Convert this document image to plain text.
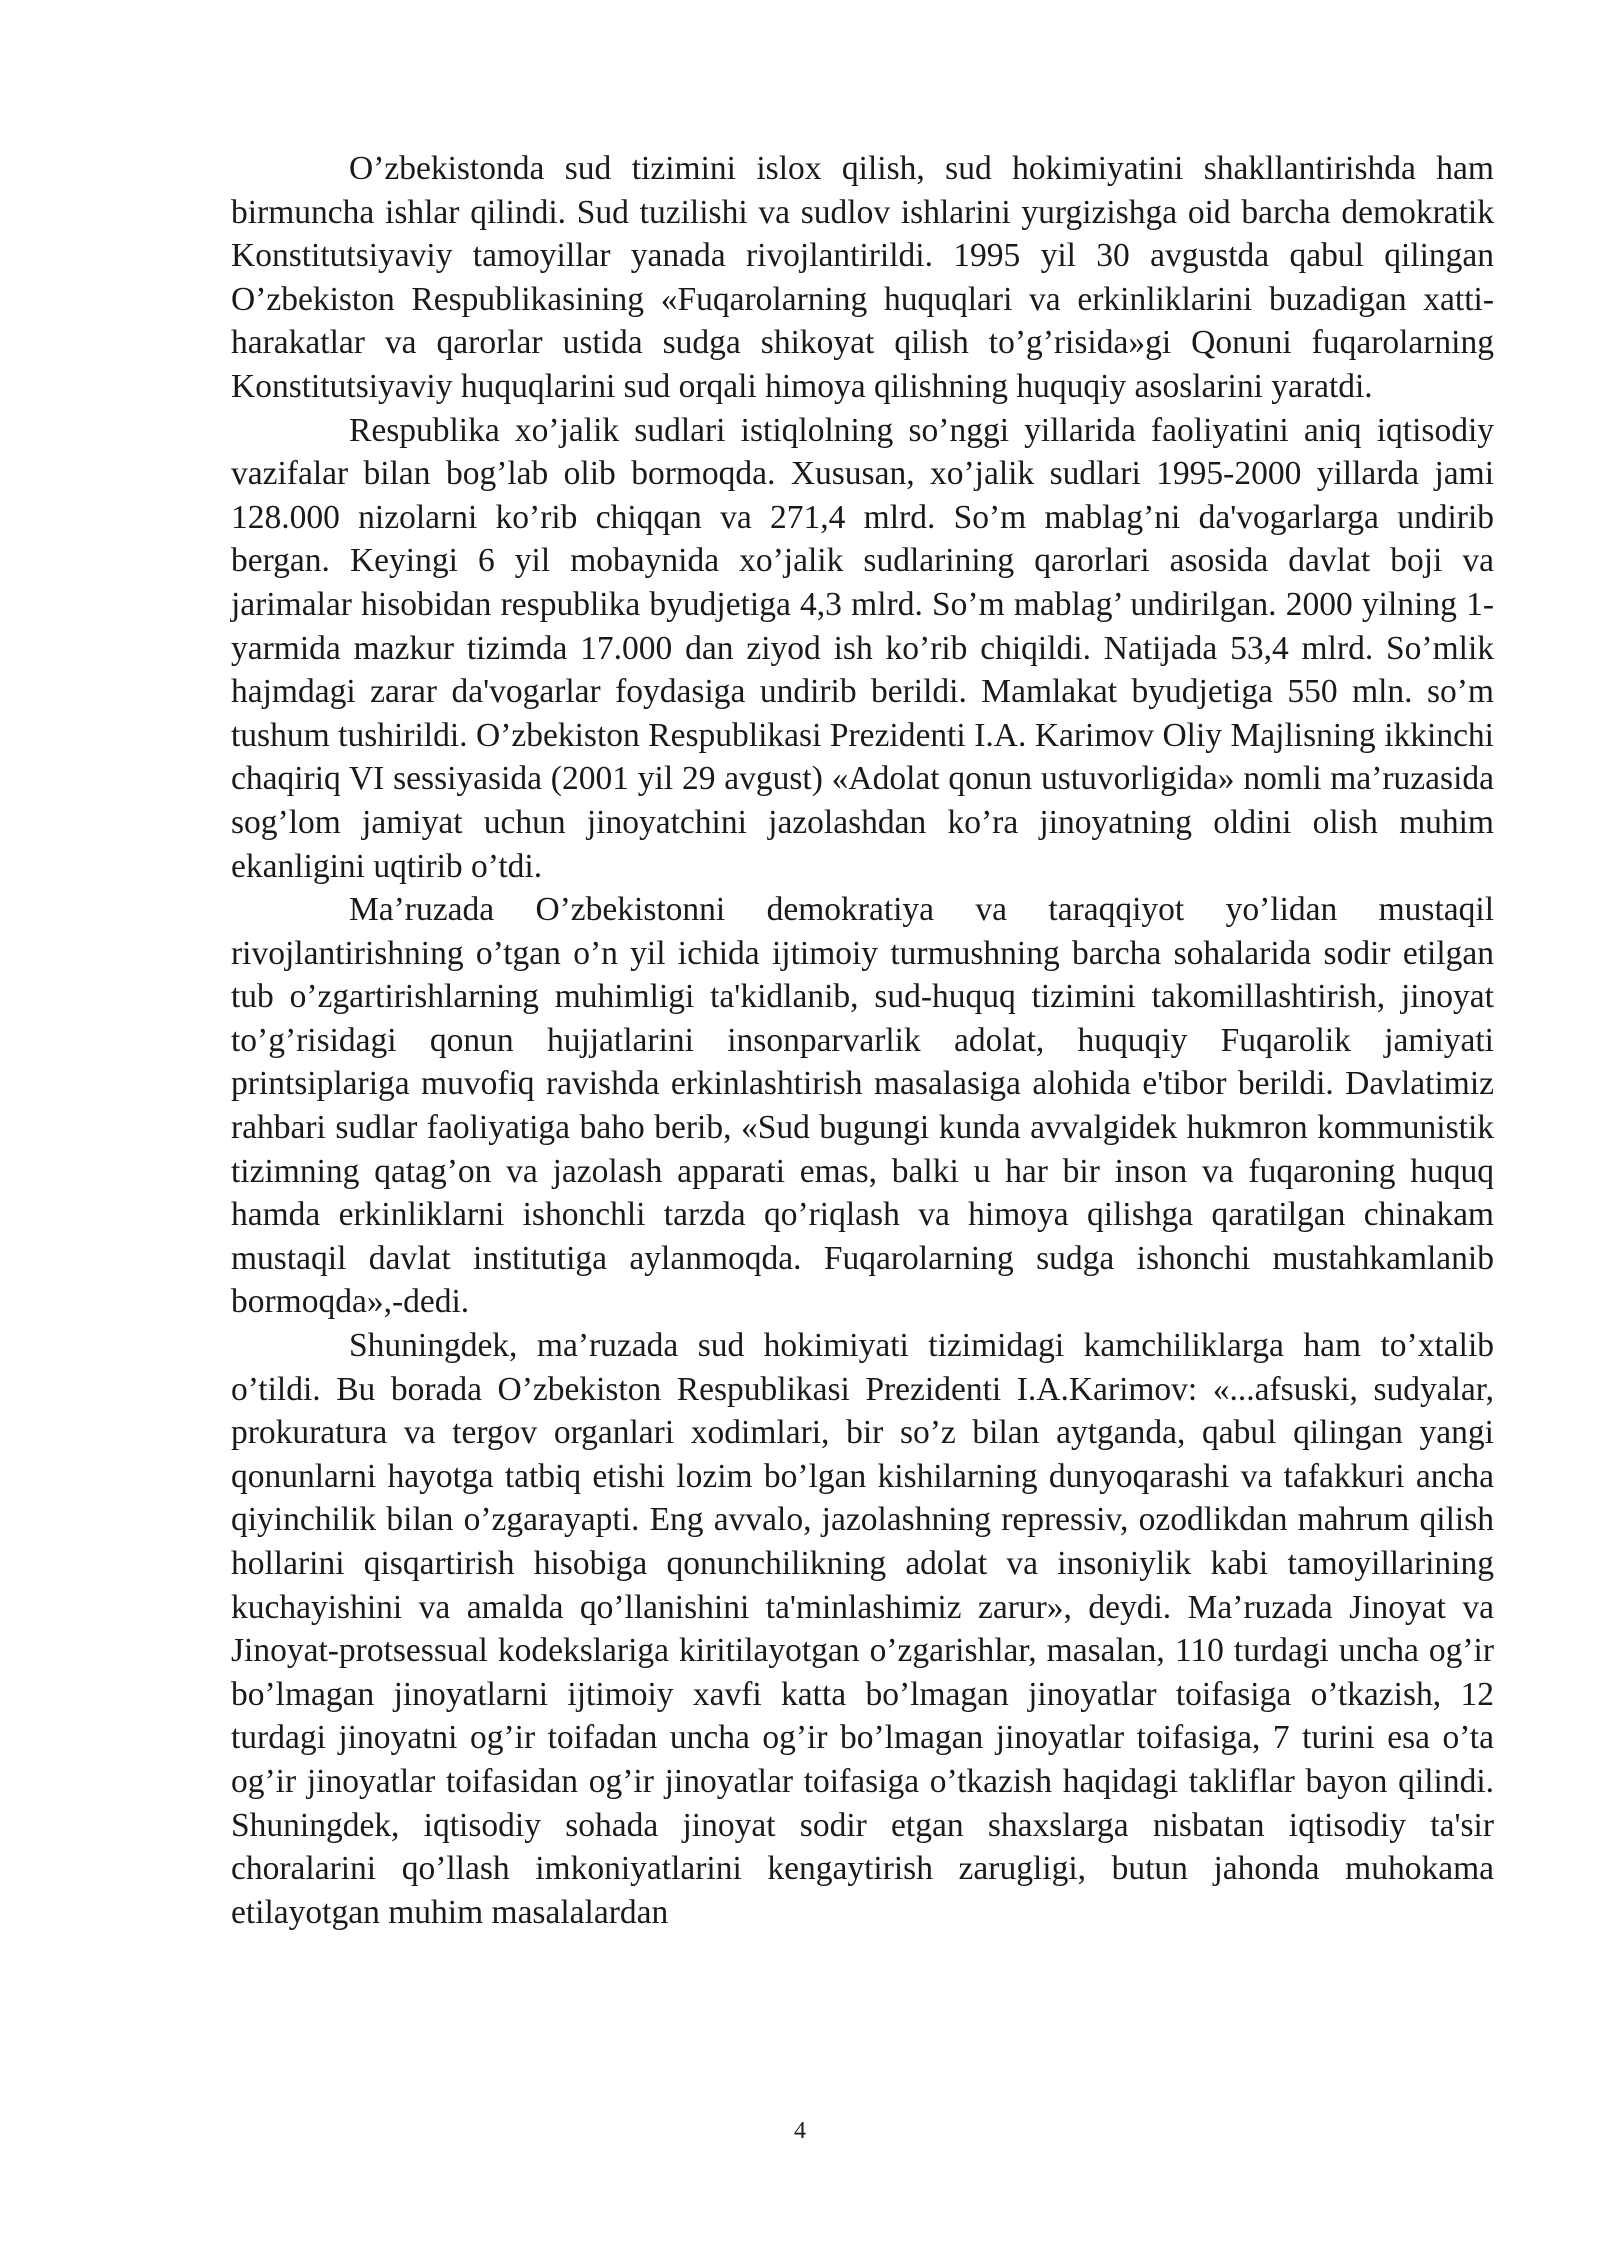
O’zbekistonda sud tizimini islox qilish, sud hokimiyatini shakllantirishda ham birmuncha ishlar qilindi. Sud tuzilishi va sudlov ishlarini yurgizishga oid barcha demokratik Konstitutsiyaviy tamoyillar yanada rivojlantirildi. 1995 yil 30 avgustda qabul qilingan O’zbekiston Respublikasining «Fuqarolarning huquqlari va erkinliklarini buzadigan xatti-harakatlar va qarorlar ustida sudga shikoyat qilish to’g’risida»gi Qonuni fuqarolarning Konstitutsiyaviy huquqlarini sud orqali himoya qilishning huquqiy asoslarini yaratdi.

Respublika xo’jalik sudlari istiqlolning so’nggi yillarida faoliyatini aniq iqtisodiy vazifalar bilan bog’lab olib bormoqda. Xususan, xo’jalik sudlari 1995-2000 yillarda jami 128.000 nizolarni ko’rib chiqqan va 271,4 mlrd. So’m mablag’ni da'vogarlarga undirib bergan. Keyingi 6 yil mobaynida xo’jalik sudlarining qarorlari asosida davlat boji va jarimalar hisobidan respublika byudjetiga 4,3 mlrd. So’m mablag’ undirilgan. 2000 yilning 1-yarmida mazkur tizimda 17.000 dan ziyod ish ko’rib chiqildi. Natijada 53,4 mlrd. So’mlik hajmdagi zarar da'vogarlar foydasiga undirib berildi. Mamlakat byudjetiga 550 mln. so’m tushum tushirildi. O’zbekiston Respublikasi Prezidenti I.A. Karimov Oliy Majlisning ikkinchi chaqiriq VI sessiyasida (2001 yil 29 avgust) «Adolat qonun ustuvorligida» nomli ma’ruzasida sog’lom jamiyat uchun jinoyatchini jazolashdan ko’ra jinoyatning oldini olish muhim ekanligini uqtirib o’tdi.

Ma’ruzada O’zbekistonni demokratiya va taraqqiyot yo’lidan mustaqil rivojlantirishning o’tgan o’n yil ichida ijtimoiy turmushning barcha sohalarida sodir etilgan tub o’zgartirishlarning muhimligi ta'kidlanib, sud-huquq tizimini takomillashtirish, jinoyat to’g’risidagi qonun hujjatlarini insonparvarlik adolat, huquqiy Fuqarolik jamiyati printsiplariga muvofiq ravishda erkinlashtirish masalasiga alohida e'tibor berildi. Davlatimiz rahbari sudlar faoliyatiga baho berib, «Sud bugungi kunda avvalgidek hukmron kommunistik tizimning qatag’on va jazolash apparati emas, balki u har bir inson va fuqaroning huquq hamda erkinliklarni ishonchli tarzda qo’riqlash va himoya qilishga qaratilgan chinakam mustaqil davlat institutiga aylanmoqda. Fuqarolarning sudga ishonchi mustahkamlanib bormoqda»,-dedi.

Shuningdek, ma’ruzada sud hokimiyati tizimidagi kamchiliklarga ham to’xtalib o’tildi. Bu borada O’zbekiston Respublikasi Prezidenti I.A.Karimov: «...afsuski, sudyalar, prokuratura va tergov organlari xodimlari, bir so’z bilan aytganda, qabul qilingan yangi qonunlarni hayotga tatbiq etishi lozim bo’lgan kishilarning dunyoqarashi va tafakkuri ancha qiyinchilik bilan o’zgarayapti. Eng avvalo, jazolashning repressiv, ozodlikdan mahrum qilish hollarini qisqartirish hisobiga qonunchilikning adolat va insoniylik kabi tamoyillarining kuchayishini va amalda qo’llanishini ta'minlashimiz zarur», deydi. Ma’ruzada Jinoyat va Jinoyat-protsessual kodekslariga kiritilayotgan o’zgarishlar, masalan, 110 turdagi uncha og’ir bo’lmagan jinoyatlarni ijtimoiy xavfi katta bo’lmagan jinoyatlar toifasiga o’tkazish, 12 turdagi jinoyatni og’ir toifadan uncha og’ir bo’lmagan jinoyatlar toifasiga, 7 turini esa o’ta og’ir jinoyatlar toifasidan og’ir jinoyatlar toifasiga o’tkazish haqidagi takliflar bayon qilindi. Shuningdek, iqtisodiy sohada jinoyat sodir etgan shaxslarga nisbatan iqtisodiy ta'sir choralarini qo’llash imkoniyatlarini kengaytirish zarugligi, butun jahonda muhokama etilayotgan muhim masalalardan

4
